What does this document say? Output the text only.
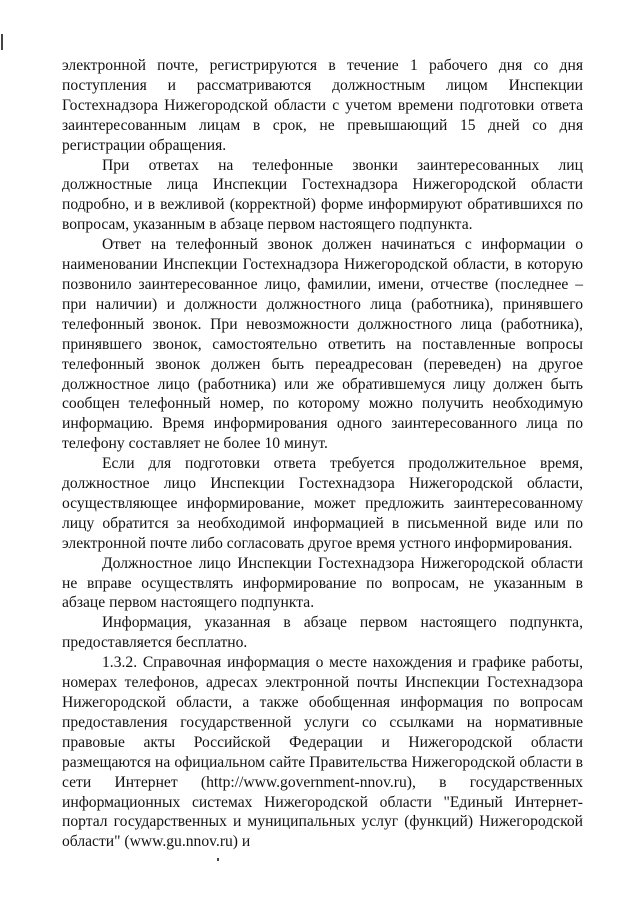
электронной почте, регистрируются в течение 1 рабочего дня со дня поступления и рассматриваются должностным лицом Инспекции Гостехнадзора Нижегородской области с учетом времени подготовки ответа заинтересованным лицам в срок, не превышающий 15 дней со дня регистрации обращения.

При ответах на телефонные звонки заинтересованных лиц должностные лица Инспекции Гостехнадзора Нижегородской области подробно, и в вежливой (корректной) форме информируют обратившихся по вопросам, указанным в абзаце первом настоящего подпункта.

Ответ на телефонный звонок должен начинаться с информации о наименовании Инспекции Гостехнадзора Нижегородской области, в которую позвонило заинтересованное лицо, фамилии, имени, отчестве (последнее – при наличии) и должности должностного лица (работника), принявшего телефонный звонок. При невозможности должностного лица (работника), принявшего звонок, самостоятельно ответить на поставленные вопросы телефонный звонок должен быть переадресован (переведен) на другое должностное лицо (работника) или же обратившемуся лицу должен быть сообщен телефонный номер, по которому можно получить необходимую информацию. Время информирования одного заинтересованного лица по телефону составляет не более 10 минут.

Если для подготовки ответа требуется продолжительное время, должностное лицо Инспекции Гостехнадзора Нижегородской области, осуществляющее информирование, может предложить заинтересованному лицу обратится за необходимой информацией в письменной виде или по электронной почте либо согласовать другое время устного информирования.

Должностное лицо Инспекции Гостехнадзора Нижегородской области не вправе осуществлять информирование по вопросам, не указанным в абзаце первом настоящего подпункта.

Информация, указанная в абзаце первом настоящего подпункта, предоставляется бесплатно.

1.3.2. Справочная информация о месте нахождения и графике работы, номерах телефонов, адресах электронной почты Инспекции Гостехнадзора Нижегородской области, а также обобщенная информация по вопросам предоставления государственной услуги со ссылками на нормативные правовые акты Российской Федерации и Нижегородской области размещаются на официальном сайте Правительства Нижегородской области в сети Интернет (http://www.government-nnov.ru), в государственных информационных системах Нижегородской области "Единый Интернет-портал государственных и муниципальных услуг (функций) Нижегородской области" (www.gu.nnov.ru) и
